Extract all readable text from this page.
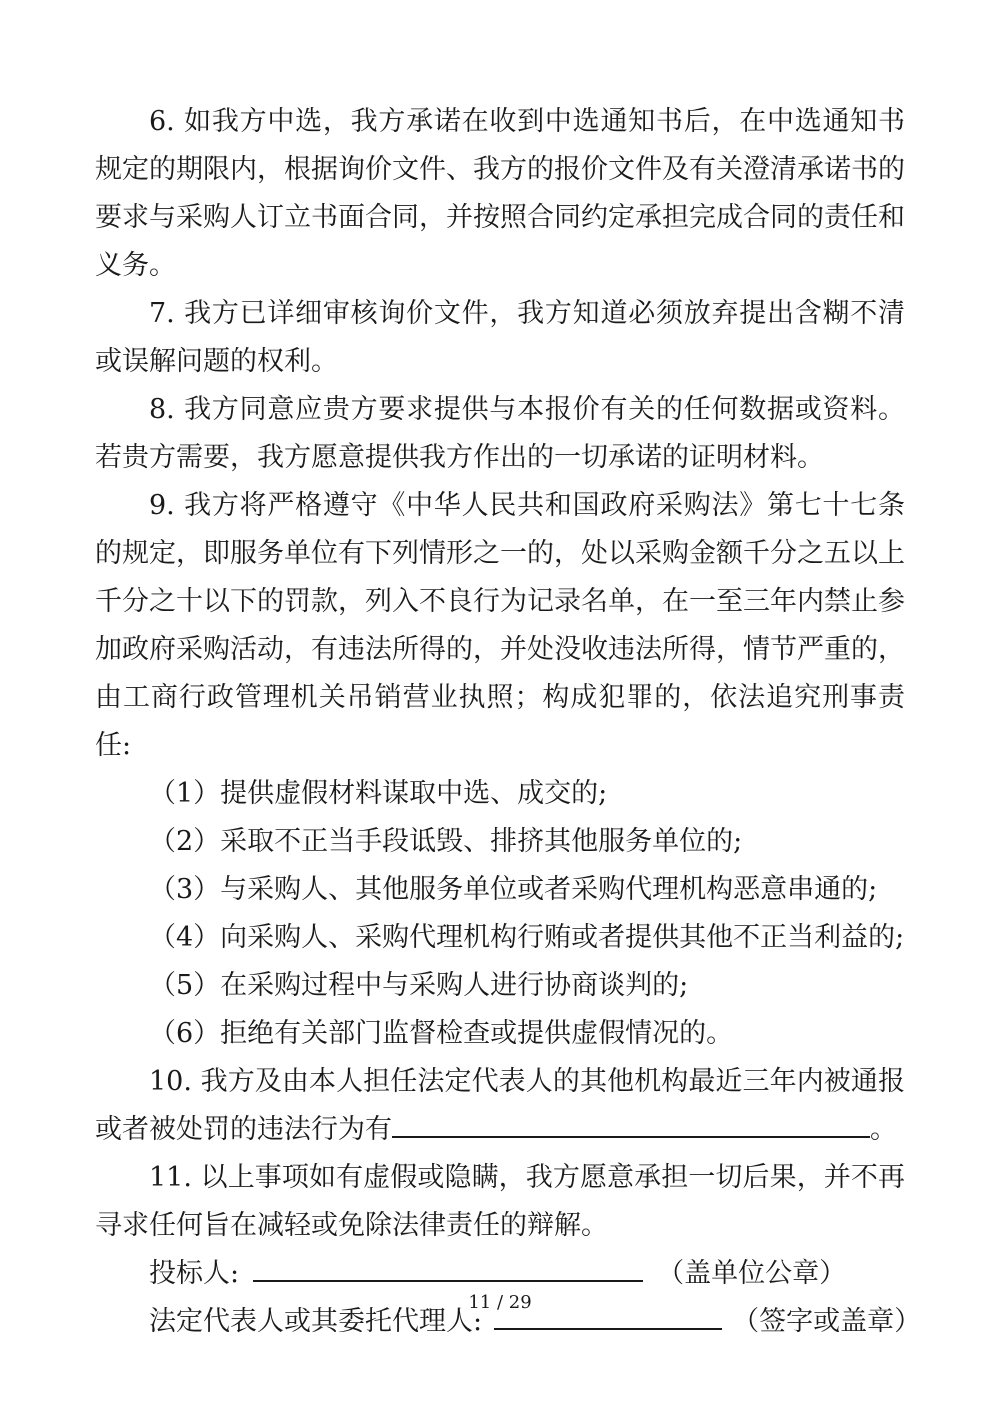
6. 如我方中选，我方承诺在收到中选通知书后，在中选通知书规定的期限内，根据询价文件、我方的报价文件及有关澄清承诺书的要求与采购人订立书面合同，并按照合同约定承担完成合同的责任和义务。

7. 我方已详细审核询价文件，我方知道必须放弃提出含糊不清或误解问题的权利。

8. 我方同意应贵方要求提供与本报价有关的任何数据或资料。若贵方需要，我方愿意提供我方作出的一切承诺的证明材料。

9. 我方将严格遵守《中华人民共和国政府采购法》第七十七条的规定，即服务单位有下列情形之一的，处以采购金额千分之五以上千分之十以下的罚款，列入不良行为记录名单，在一至三年内禁止参加政府采购活动，有违法所得的，并处没收违法所得，情节严重的，由工商行政管理机关吊销营业执照；构成犯罪的，依法追究刑事责任:

（1）提供虚假材料谋取中选、成交的;

（2）采取不正当手段诋毁、排挤其他服务单位的;

（3）与采购人、其他服务单位或者采购代理机构恶意串通的;

（4）向采购人、采购代理机构行贿或者提供其他不正当利益的;

（5）在采购过程中与采购人进行协商谈判的;

（6）拒绝有关部门监督检查或提供虚假情况的。

10. 我方及由本人担任法定代表人的其他机构最近三年内被通报或者被处罚的违法行为有	。

11. 以上事项如有虚假或隐瞒，我方愿意承担一切后果，并不再寻求任何旨在减轻或免除法律责任的辩解。

投标人:	（盖单位公章）

法定代表人或其委托代理人:	（签字或盖章）

11 / 29
